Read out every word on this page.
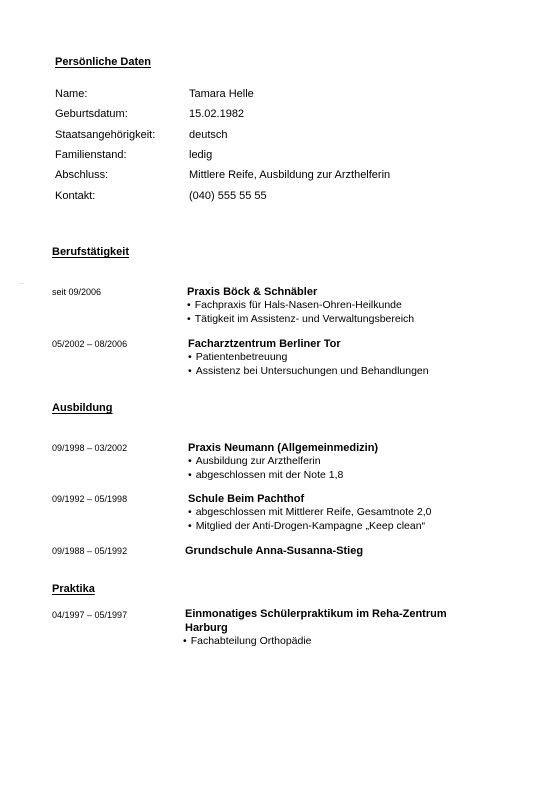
Persönliche Daten
Name:	Tamara Helle
Geburtsdatum:	15.02.1982
Staatsangehörigkeit:	deutsch
Familienstand:	ledig
Abschluss:	Mittlere Reife, Ausbildung zur Arzthelferin
Kontakt:	(040) 555 55 55
Berufstätigkeit
seit 09/2006	Praxis Böck & Schnäbler
• Fachpraxis für Hals-Nasen-Ohren-Heilkunde
• Tätigkeit im Assistenz- und Verwaltungsbereich
05/2002 – 08/2006	Facharztzentrum Berliner Tor
• Patientenbetreuung
• Assistenz bei Untersuchungen und Behandlungen
Ausbildung
09/1998 – 03/2002	Praxis Neumann (Allgemeinmedizin)
• Ausbildung zur Arzthelferin
• abgeschlossen mit der Note 1,8
09/1992 – 05/1998	Schule Beim Pachthof
• abgeschlossen mit Mittlerer Reife, Gesamtnote 2,0
• Mitglied der Anti-Drogen-Kampagne „Keep clean“
09/1988 – 05/1992	Grundschule Anna-Susanna-Stieg
Praktika
04/1997 – 05/1997	Einmonatiges Schülerpraktikum im Reha-Zentrum Harburg
• Fachabteilung Orthopädie
